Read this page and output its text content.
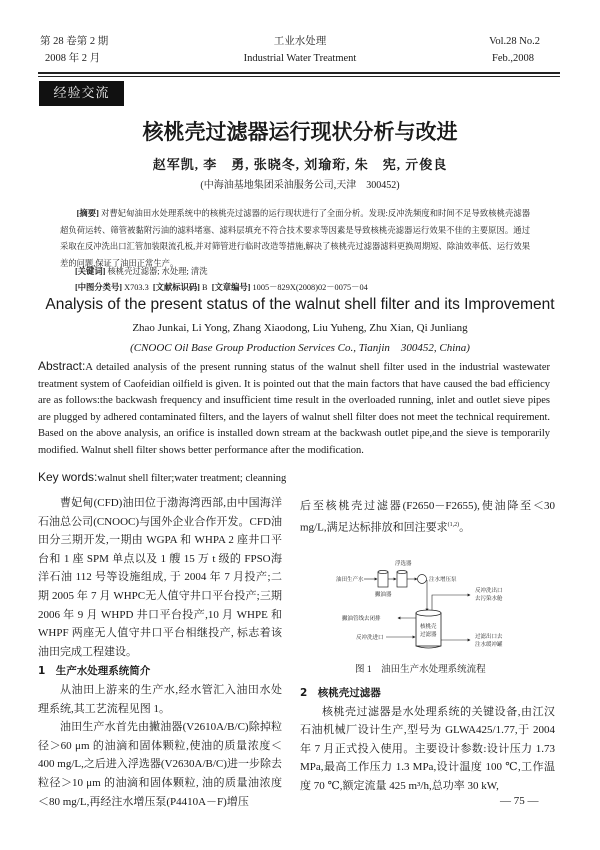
第 28 卷第 2 期
2008 年 2 月
工业水处理
Industrial Water Treatment
Vol.28 No.2
Feb.,2008
经验交流
核桃壳过滤器运行现状分析与改进
赵军凯, 李　勇, 张晓冬, 刘瑜珩, 朱　宪, 亓俊良
(中海油基地集团采油服务公司,天津　300452)
[摘要] 对曹妃甸油田水处理系统中的核桃壳过滤器的运行现状进行了全面分析。发现:反冲洗频度和时间不足导致核桃壳滤器超负荷运转、筛管被黏附污油的滤料堵塞、滤料层填充不符合技术要求等因素是导致核桃壳滤器运行效果不佳的主要原因。通过采取在反冲洗出口汇管加装限流孔板,并对筛管进行临时改造等措施,解决了核桃壳过滤器滤料更换周期短、除油效率低、运行效果差的问题,保证了油田正常生产。
[关键词] 核桃壳过滤器; 水处理; 清洗
[中图分类号] X703.3 [文献标识码] B [文章编号] 1005－829X(2008)02－0075－04
Analysis of the present status of the walnut shell filter and its Improvement
Zhao Junkai, Li Yong, Zhang Xiaodong, Liu Yuheng, Zhu Xian, Qi Junliang
(CNOOC Oil Base Group Production Services Co., Tianjin　300452, China)
Abstract:A detailed analysis of the present running status of the walnut shell filter used in the industrial wastewater treatment system of Caofeidian oilfield is given. It is pointed out that the main factors that have caused the bad efficiency are as follows:the backwash frequency and insufficient time result in the overloaded running, inlet and outlet sieve pipes are plugged by adhered contaminated filters, and the layers of walnut shell filter does not meet the technical requirement. Based on the above analysis, an orifice is installed down stream at the backwash outlet pipe,and the sieve is temporarily modified. Walnut shell filter shows better performance after the modification.
Key words:walnut shell filter;water treatment; cleanning

曹妃甸(CFD)油田位于渤海湾西部,由中国海洋石油总公司(CNOOC)与国外企业合作开发。CFD油田分三期开发,一期由 WGPA 和 WHPA 2 座井口平台和 1 座 SPM 单点以及 1 艘 15 万 t 级的 FPSO海洋石油 112 号等设施组成, 于 2004 年 7 月投产;二期 2005 年 7 月 WHPC无人值守井口平台投产;三期 2006 年 9 月 WHPD 井口平台投产,10 月 WHPE 和 WHPF 两座无人值守井口平台相继投产, 标志着该油田完成工程建设。

1　生产水处理系统简介

从油田上游来的生产水,经水管汇入油田水处理系统,其工艺流程见图 1。

油田生产水首先由撇油器(V2610A/B/C)除掉粒径＞60 μm 的油滴和固体颗粒,使油的质量浓度＜400 mg/L,之后进入浮选器(V2630A/B/C)进一步除去粒径＞10 μm 的油滴和固体颗粒, 油的质量油浓度＜80 mg/L,再经注水增压泵(P4410A－F)增压

后至核桃壳过滤器(F2650－F2655),使油降至＜30 mg/L,满足达标排放和回注要求$^{(1,2)}$。
浮选器
油田生产水	注水增压泵
撇油器
反冲洗出口
去污染水舱
核桃壳
过滤器
撇油管线去闭排
反冲洗进口	过滤出口去
注水缓冲罐
图 1　油田生产水处理系统流程
2　核桃壳过滤器

核桃壳过滤器是水处理系统的关键设备,由江汉石油机械厂设计生产,型号为 GLWA425/1.77,于 2004 年 7 月正式投入使用。主要设计参数:设计压力 1.73 MPa,最高工作压力 1.3 MPa,设计温度 100 ℃,工作温度 70 ℃,额定流量 425 m³/h,总功率 30 kW,

— 75 —
